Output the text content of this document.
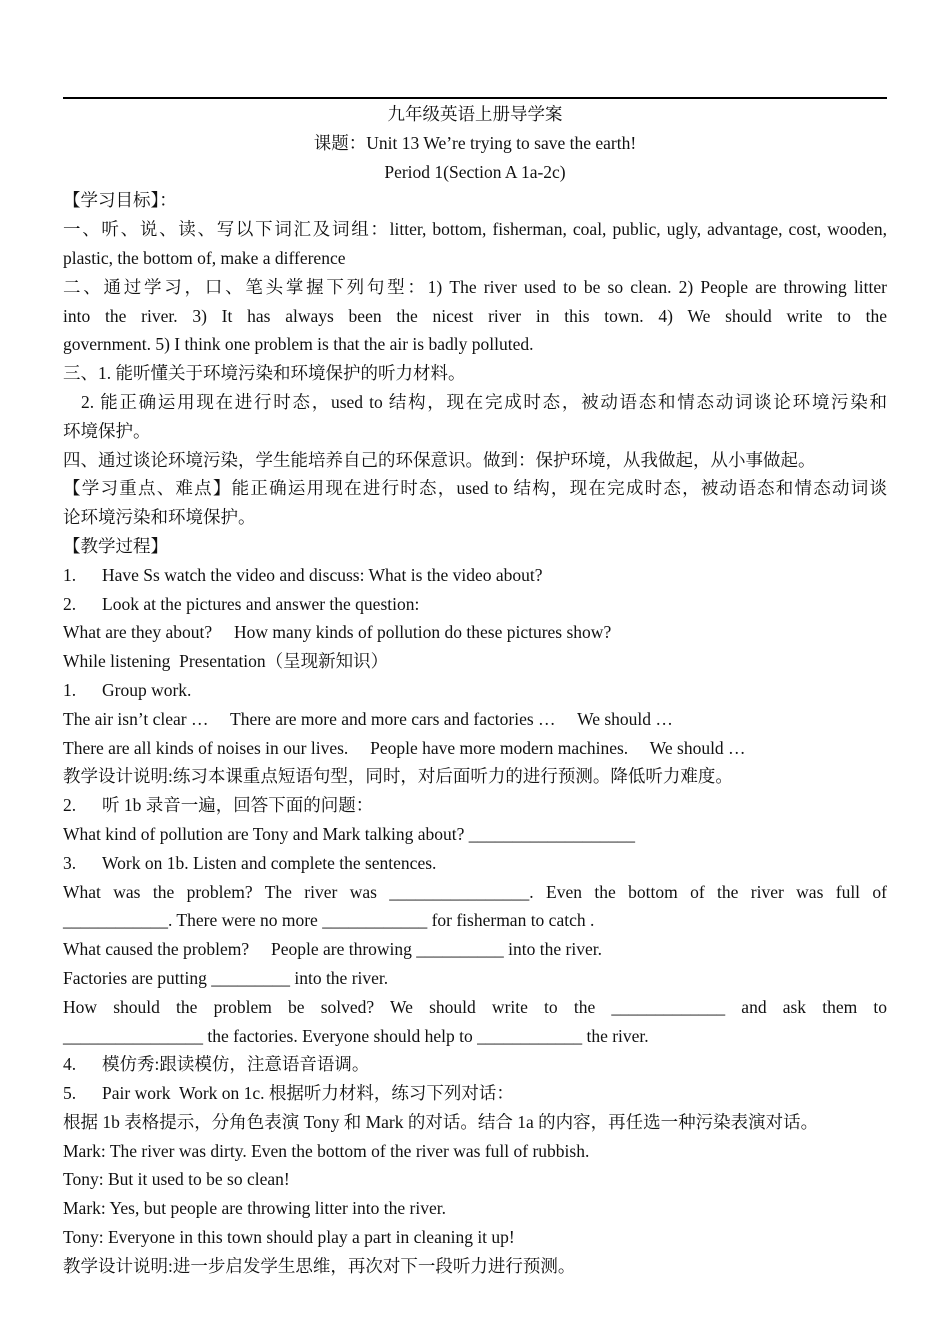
九年级英语上册导学案
课题：Unit 13 We’re trying to save the earth!
Period 1(Section A 1a-2c)
【学习目标】：
一、听、说、读、写以下词汇及词组：litter, bottom, fisherman, coal, public, ugly, advantage, cost, wooden,
plastic, the bottom of, make a difference
二、通过学习，口、笔头掌握下列句型：1) The river used to be so clean. 2) People are throwing litter
into the river. 3) It has always been the nicest river in this town. 4) We should write to the
government. 5) I think one problem is that the air is badly polluted.
三、1. 能听懂关于环境污染和环境保护的听力材料。
2. 能正确运用现在进行时态，used to 结构，现在完成时态，被动语态和情态动词谈论环境污染和
环境保护。
四、通过谈论环境污染，学生能培养自己的环保意识。做到：保护环境，从我做起，从小事做起。
【学习重点、难点】能正确运用现在进行时态，used to 结构，现在完成时态，被动语态和情态动词谈
论环境污染和环境保护。
【教学过程】
1. Have Ss watch the video and discuss: What is the video about?
2. Look at the pictures and answer the question:
What are they about?     How many kinds of pollution do these pictures show?
While listening  Presentation（呈现新知识）
1. Group work.
The air isn’t clear …     There are more and more cars and factories …     We should …
There are all kinds of noises in our lives.     People have more modern machines.     We should …
教学设计说明:练习本课重点短语句型，同时，对后面听力的进行预测。降低听力难度。
2. 听 1b 录音一遍，回答下面的问题：
What kind of pollution are Tony and Mark talking about? ___________________
3. Work on 1b. Listen and complete the sentences.
What was the problem? The river was ________________. Even the bottom of the river was full of
____________. There were no more ____________ for fisherman to catch .
What caused the problem?     People are throwing __________ into the river.
Factories are putting _________ into the river.
How should the problem be solved? We should write to the _____________ and ask them to
________________ the factories. Everyone should help to ____________ the river.
4. 模仿秀:跟读模仿，注意语音语调。
5. Pair work  Work on 1c. 根据听力材料，练习下列对话：
根据 1b 表格提示，分角色表演 Tony 和 Mark 的对话。结合 1a 的内容，再任选一种污染表演对话。
Mark: The river was dirty. Even the bottom of the river was full of rubbish.
Tony: But it used to be so clean!
Mark: Yes, but people are throwing litter into the river.
Tony: Everyone in this town should play a part in cleaning it up!
教学设计说明:进一步启发学生思维，再次对下一段听力进行预测。
